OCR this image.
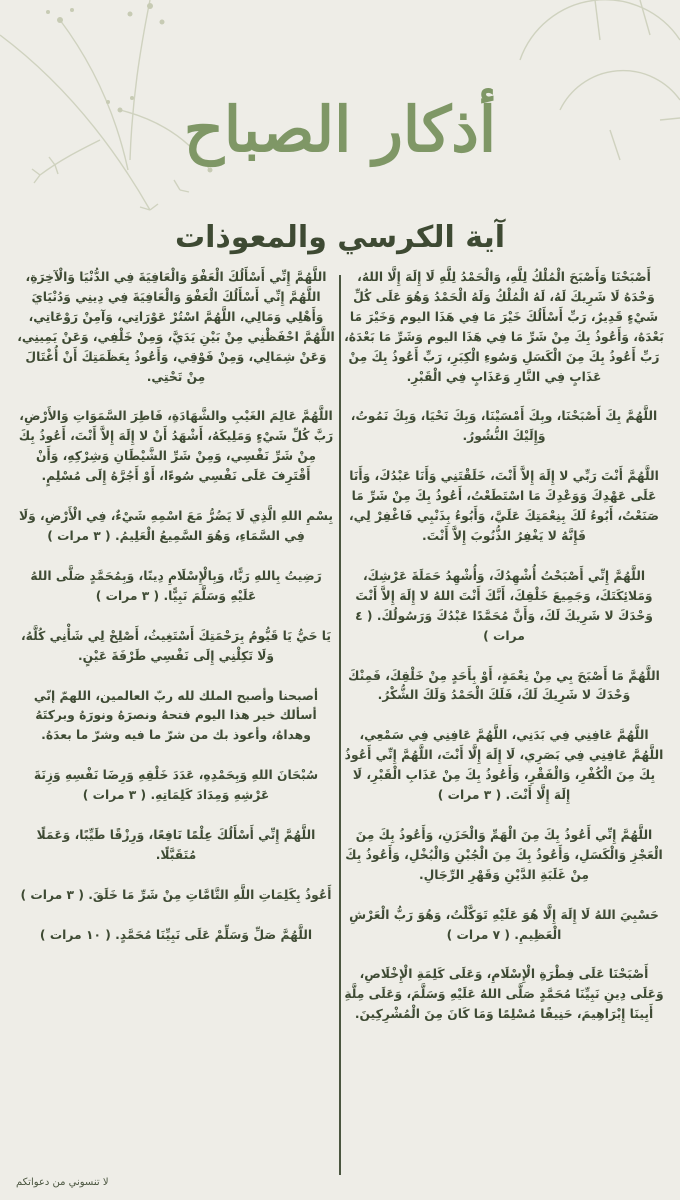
أذكار الصباح
آية الكرسي والمعوذات

أَصْبَحْنَا وَأَصْبَحَ الْمُلْكُ لِلَّهِ، وَالْحَمْدُ لِلَّهِ لَا إِلَهَ إِلَّا اللهُ، وَحْدَهُ لَا شَرِيكَ لَهُ، لَهُ الْمُلْكُ وَلَهُ الْحَمْدُ وَهُوَ عَلَى كُلِّ شَيْءٍ قَدِيرٌ، رَبِّ أَسْأَلُكَ خَيْرَ مَا فِي هَذَا اليوم وَخَيْرَ مَا بَعْدَهُ، وَأَعُوذُ بِكَ مِنْ شَرِّ مَا فِي هَذَا اليوم وَشَرِّ مَا بَعْدَهُ، رَبِّ أَعُوذُ بِكَ مِنَ الْكَسَلِ وَسُوءِ الْكِبَرِ، رَبِّ أَعُوذُ بِكَ مِنْ عَذَابٍ فِي النَّارِ وَعَذَابٍ فِي الْقَبْرِ.

اللَّهُمَّ بِكَ أَصْبَحْنَا، وبِكَ أَمْسَيْنَا، وَبِكَ نَحْيَا، وَبِكَ نَمُوتُ، وَإِلَيْكَ النُّشُورُ.

اللَّهُمَّ أَنْتَ رَبِّي لا إِلَهَ إِلاَّ أَنْتَ، خَلَقْتَنِي وَأَنَا عَبْدُكَ، وَأَنَا عَلَى عَهْدِكَ وَوَعْدِكَ مَا اسْتَطَعْتُ، أَعُوذُ بِكَ مِنْ شَرِّ مَا صَنَعْتُ، أَبُوءُ لَكَ بِنِعْمَتِكَ عَلَيَّ، وَأَبُوءُ بِذَنْبِي فَاغْفِرْ لِي، فَإِنَّهُ لا يَغْفِرُ الذُّنُوبَ إِلاَّ أَنْتَ.

اللَّهُمَّ إِنِّي أَصْبَحْتُ أُشْهِدُكَ، وَأُشْهِدُ حَمَلَةَ عَرْشِكَ، وَمَلائِكَتَكَ، وَجَمِيعَ خَلْقِكَ، أَنَّكَ أَنْتَ اللهُ لا إِلَهَ إِلاَّ أَنْتَ وَحْدَكَ لا شَرِيكَ لَكَ، وَأَنَّ مُحَمَّدًا عَبْدُكَ وَرَسُولُكَ. ( ٤ مرات )

اللَّهُمَّ مَا أَصْبَحَ بِي مِنْ نِعْمَةٍ، أَوْ بِأَحَدٍ مِنْ خَلْقِكَ، فَمِنْكَ وَحْدَكَ لا شَرِيكَ لَكَ، فَلَكَ الْحَمْدُ وَلَكَ الشُّكْرُ.

اللَّهُمَّ عَافِنِي فِي بَدَنِي، اللَّهُمَّ عَافِنِي فِي سَمْعِي، اللَّهُمَّ عَافِنِي فِي بَصَرِي، لَا إِلَهَ إِلَّا أَنْتَ، اللَّهُمَّ إِنِّي أَعُوذُ بِكَ مِنَ الْكُفْرِ، وَالْفَقْرِ، وَأَعُوذُ بِكَ مِنْ عَذَابِ الْقَبْرِ، لَا إِلَهَ إِلَّا أَنْتَ. ( ٣ مرات )

اللَّهُمَّ إِنِّي أَعُوذُ بِكَ مِنَ الْهَمِّ وَالْحَزَنِ، وَأَعُوذُ بِكَ مِنَ الْعَجْزِ وَالْكَسَلِ، وَأَعُوذُ بِكَ مِنَ الْجُبْنِ وَالْبُخْلِ، وَأَعُوذُ بِكَ مِنْ غَلَبَةِ الدَّيْنِ وَقَهْرِ الرِّجَالِ.

حَسْبِيَ اللهُ لَا إِلَهَ إِلَّا هُوَ عَلَيْهِ تَوَكَّلْتُ، وَهُوَ رَبُّ الْعَرْشِ الْعَظِيمِ. ( ٧ مرات )

أَصْبَحْنَا عَلَى فِطْرَةِ الْإِسْلَامِ، وَعَلَى كَلِمَةِ الْإِخْلَاصِ، وَعَلَى دِينِ نَبِيِّنَا مُحَمَّدٍ صَلَّى اللهُ عَلَيْهِ وَسَلَّمَ، وَعَلَى مِلَّةِ أَبِينَا إِبْرَاهِيمَ، حَنِيفًا مُسْلِمًا وَمَا كَانَ مِنَ الْمُشْرِكِينَ.

اللَّهُمَّ إِنِّي أَسْأَلُكَ الْعَفْوَ وَالْعَافِيَةَ فِي الدُّنْيَا وَالْآخِرَةِ، اللَّهُمَّ إِنِّي أَسْأَلُكَ الْعَفْوَ وَالْعَافِيَةَ فِي دِينِي وَدُنْيَايَ وَأَهْلِي وَمَالِي، اللَّهُمَّ اسْتُرْ عَوْرَاتِي، وَآمِنْ رَوْعَاتِي، اللَّهُمَّ احْفَظْنِي مِنْ بَيْنِ يَدَيَّ، وَمِنْ خَلْفِي، وَعَنْ يَمِينِي، وَعَنْ شِمَالِي، وَمِنْ فَوْقِي، وَأَعُوذُ بِعَظَمَتِكَ أَنْ أُغْتَالَ مِنْ تَحْتِي.

اللَّهُمَّ عَالِمَ الغَيْبِ والشَّهَادَةِ، فَاطِرَ السَّمَوَاتِ وَالأَرْضِ، رَبَّ كُلِّ شَيْءٍ وَمَلِيكَهُ، أَشْهَدُ أَنْ لا إِلَهَ إِلاَّ أَنْتَ، أَعُوذُ بِكَ مِنْ شَرِّ نَفْسِي، وَمِنْ شَرِّ الشَّيْطَانِ وَشِرْكِهِ، وَأَنْ أَقْتَرِفَ عَلَى نَفْسِي سُوءًا، أَوْ أَجُرَّهُ إِلَى مُسْلِمٍ.

بِسْمِ اللهِ الَّذِي لَا يَضُرُّ مَعَ اسْمِهِ شَيْءٌ، فِي الْأَرْضِ، وَلَا فِي السَّمَاءِ، وَهُوَ السَّمِيعُ الْعَلِيمُ. ( ٣ مرات )

رَضِيتُ بِاللهِ رَبًّا، وَبِالْإِسْلَامِ دِينًا، وَبِمُحَمَّدٍ صَلَّى اللهُ عَلَيْهِ وَسَلَّمَ نَبِيًّا. ( ٣ مرات )

يَا حَيُّ يَا قَيُّومُ بِرَحْمَتِكَ أَسْتَغِيثُ، أَصْلِحْ لِي شَأْنِي كُلَّهُ، وَلَا تَكِلْنِي إِلَى نَفْسِي طَرْفَةَ عَيْنٍ.

أصبحنا وأصبح الملك لله ربّ العالمين، اللهمّ إنّي أسألك خير هذا اليوم فتحهُ ونصرَهُ ونورَهُ وبركتَهُ وهداهُ، وأعوذ بك من شرّ ما فيه وشرّ ما بعدَهُ.

سُبْحَانَ اللهِ وَبِحَمْدِهِ، عَدَدَ خَلْقِهِ وَرِضَا نَفْسِهِ وَزِنَةَ عَرْشِهِ وَمِدَادَ كَلِمَاتِهِ. ( ٣ مرات )

اللَّهُمَّ إِنِّي أَسْأَلُكَ عِلْمًا نَافِعًا، وَرِزْقًا طَيِّبًا، وَعَمَلًا مُتَقَبَّلًا.

أَعُوذُ بِكَلِمَاتِ اللَّهِ التَّامَّاتِ مِنْ شَرِّ مَا خَلَقَ. ( ٣ مرات )

اللَّهُمَّ صَلِّ وَسَلِّمْ عَلَى نَبِيِّنَا مُحَمَّدٍ. ( ١٠ مرات )

لا تنسوني من دعواتكم
